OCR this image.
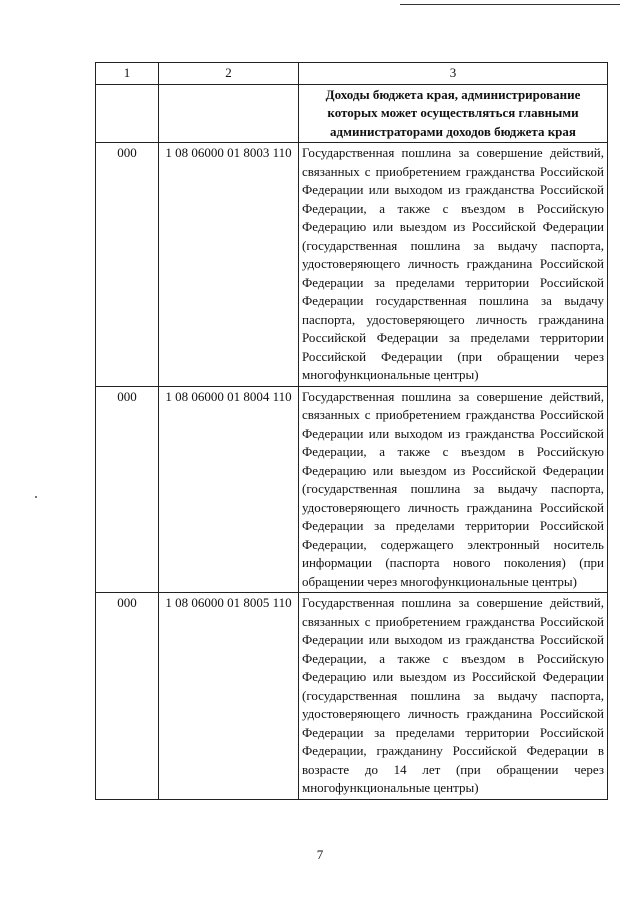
1	2	3
		Доходы бюджета края, администрирование которых может осуществляться главными администраторами доходов бюджета края
000	1 08 06000 01 8003 110	Государственная пошлина за совершение действий, связанных с приобретением гражданства Российской Федерации или выходом из гражданства Российской Федерации, а также с въездом в Российскую Федерацию или выездом из Российской Федерации (государственная пошлина за выдачу паспорта, удостоверяющего личность гражданина Российской Федерации за пределами территории Российской Федерации государственная пошлина за выдачу паспорта, удостоверяющего личность гражданина Российской Федерации за пределами территории Российской Федерации (при обращении через многофункциональные центры)
000	1 08 06000 01 8004 110	Государственная пошлина за совершение действий, связанных с приобретением гражданства Российской Федерации или выходом из гражданства Российской Федерации, а также с въездом в Российскую Федерацию или выездом из Российской Федерации (государственная пошлина за выдачу паспорта, удостоверяющего личность гражданина Российской Федерации за пределами территории Российской Федерации, содержащего электронный носитель информации (паспорта нового поколения) (при обращении через многофункциональные центры)
000	1 08 06000 01 8005 110	Государственная пошлина за совершение действий, связанных с приобретением гражданства Российской Федерации или выходом из гражданства Российской Федерации, а также с въездом в Российскую Федерацию или выездом из Российской Федерации (государственная пошлина за выдачу паспорта, удостоверяющего личность гражданина Российской Федерации за пределами территории Российской Федерации, гражданину Российской Федерации в возрасте до 14 лет (при обращении через многофункциональные центры)
7
